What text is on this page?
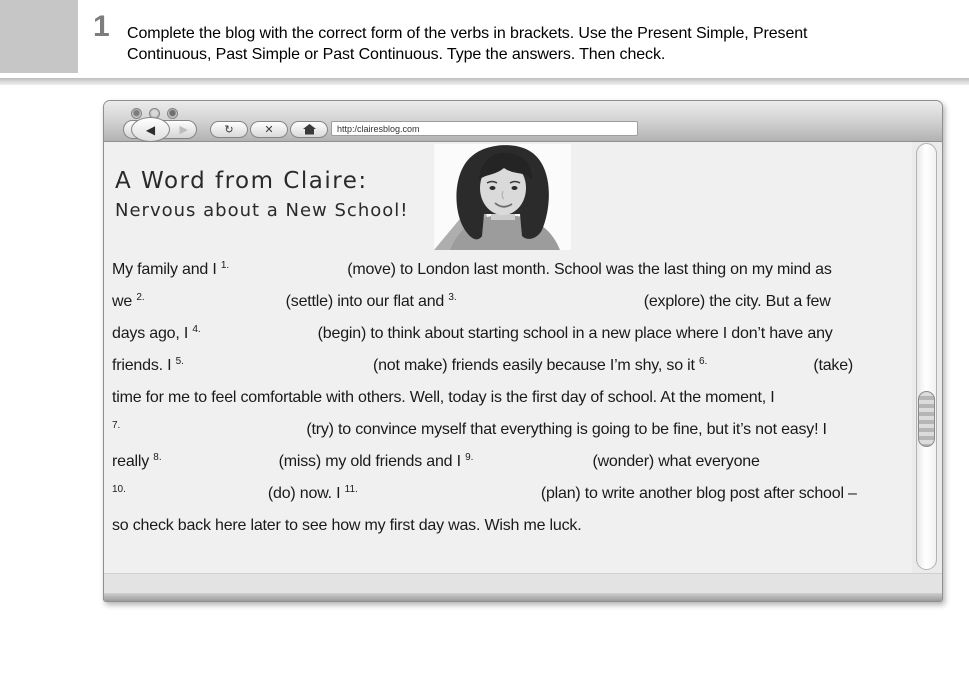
1 Complete the blog with the correct form of the verbs in brackets. Use the Present Simple, Present
Continuous, Past Simple or Past Continuous. Type the answers. Then check.
◀ ▶	↻	✕
http:/clairesblog.com
A Word from Claire:
Nervous about a New School!
My family and I $^{1.}$	(move) to London last month. School was the last thing on my mind as
we $^{2.}$	(settle) into our flat and $^{3.}$	(explore) the city. But a few
days ago, I $^{4.}$	(begin) to think about starting school in a new place where I don’t have any
friends. I $^{5.}$	(not make) friends easily because I’m shy, so it $^{6.}$	(take)
time for me to feel comfortable with others. Well, today is the first day of school. At the moment, I
$^{7.}$	(try) to convince myself that everything is going to be fine, but it’s not easy! I
really $^{8.}$	(miss) my old friends and I $^{9.}$	(wonder) what everyone
$^{10.}$	(do) now. I $^{11.}$	(plan) to write another blog post after school –
so check back here later to see how my first day was. Wish me luck.
